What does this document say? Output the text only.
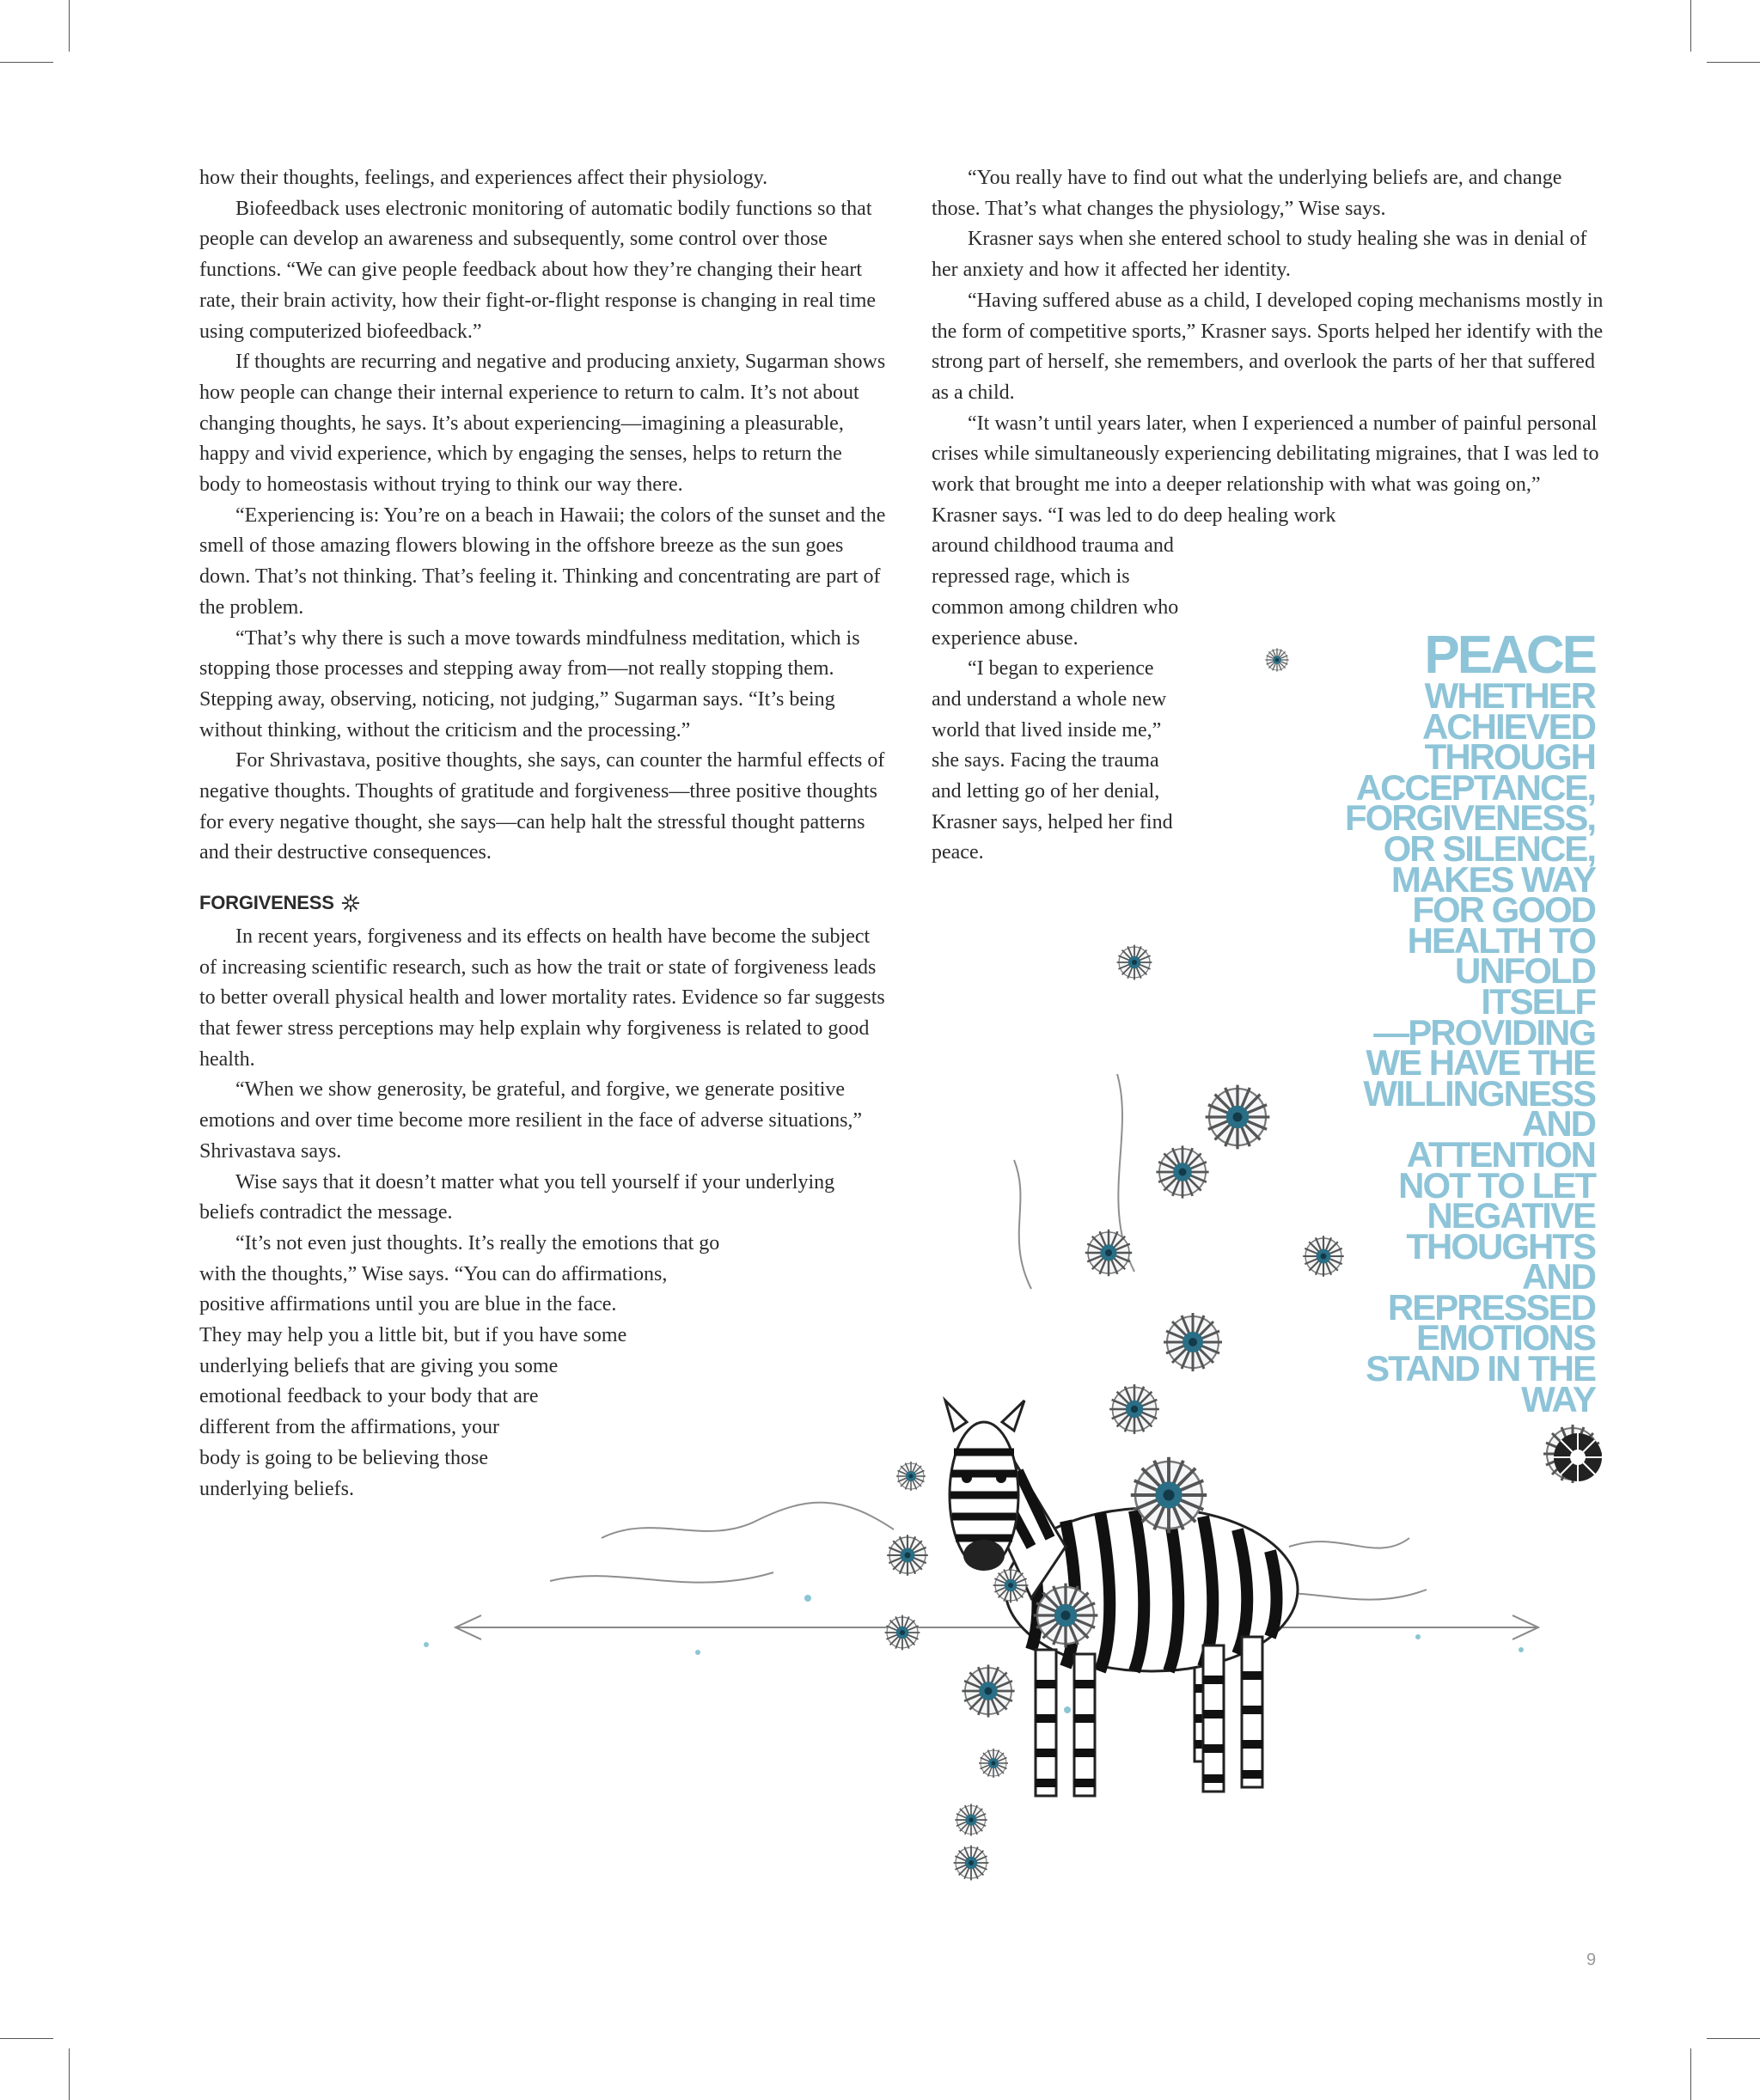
how their thoughts, feelings, and experiences affect their physiology.

Biofeedback uses electronic monitoring of automatic bodily functions so that people can develop an awareness and subsequently, some control over those functions. “We can give people feedback about how they’re changing their heart rate, their brain activity, how their fight-or-flight response is changing in real time using computerized biofeedback.”

If thoughts are recurring and negative and producing anxiety, Sugarman shows how people can change their internal experience to return to calm. It’s not about changing thoughts, he says. It’s about experiencing—imagining a pleasurable, happy and vivid experience, which by engaging the senses, helps to return the body to homeostasis without trying to think our way there.

“Experiencing is: You’re on a beach in Hawaii; the colors of the sunset and the smell of those amazing flowers blowing in the offshore breeze as the sun goes down. That’s not thinking. That’s feeling it. Thinking and concentrating are part of the problem.

“That’s why there is such a move towards mindfulness meditation, which is stopping those processes and stepping away from—not really stopping them. Stepping away, observing, noticing, not judging,” Sugarman says. “It’s being without thinking, without the criticism and the processing.”

For Shrivastava, positive thoughts, she says, can counter the harmful effects of negative thoughts. Thoughts of gratitude and forgiveness—three positive thoughts for every negative thought, she says—can help halt the stressful thought patterns and their destructive consequences.

FORGIVENESS

In recent years, forgiveness and its effects on health have become the subject of increasing scientific research, such as how the trait or state of forgiveness leads to better overall physical health and lower mortality rates. Evidence so far suggests that fewer stress perceptions may help explain why forgiveness is related to good health.

“When we show generosity, be grateful, and forgive, we generate positive emotions and over time become more resilient in the face of adverse situations,” Shrivastava says.

Wise says that it doesn’t matter what you tell yourself if your underlying beliefs contradict the message.

“It’s not even just thoughts. It’s really the emotions that go
with the thoughts,” Wise says. “You can do affirmations,
positive affirmations until you are blue in the face.
They may help you a little bit, but if you have some
underlying beliefs that are giving you some
emotional feedback to your body that are
different from the affirmations, your
body is going to be believing those
underlying beliefs.

“You really have to find out what the underlying beliefs are, and change those. That’s what changes the physiology,” Wise says.

Krasner says when she entered school to study healing she was in denial of her anxiety and how it affected her identity.

“Having suffered abuse as a child, I developed coping mechanisms mostly in the form of competitive sports,” Krasner says. Sports helped her identify with the strong part of herself, she remembers, and overlook the parts of her that suffered as a child.

“It wasn’t until years later, when I experienced a number of painful personal crises while simultaneously experiencing debilitating migraines, that I was led to work that brought me into a deeper relationship with what was going on,” Krasner says. “I was led to do deep healing work

around childhood trauma and repressed rage, which is common among children who experience abuse.

“I began to experience and understand a whole new world that lived inside me,” she says. Facing the trauma and letting go of her denial, Krasner says, helped her find peace.

PEACE
WHETHER
ACHIEVED
THROUGH
ACCEPTANCE,
FORGIVENESS,
OR SILENCE,
MAKES WAY
FOR GOOD
HEALTH TO
UNFOLD
ITSELF
—PROVIDING
WE HAVE THE
WILLINGNESS
AND
ATTENTION
NOT TO LET
NEGATIVE
THOUGHTS
AND
REPRESSED
EMOTIONS
STAND IN THE
WAY
9
